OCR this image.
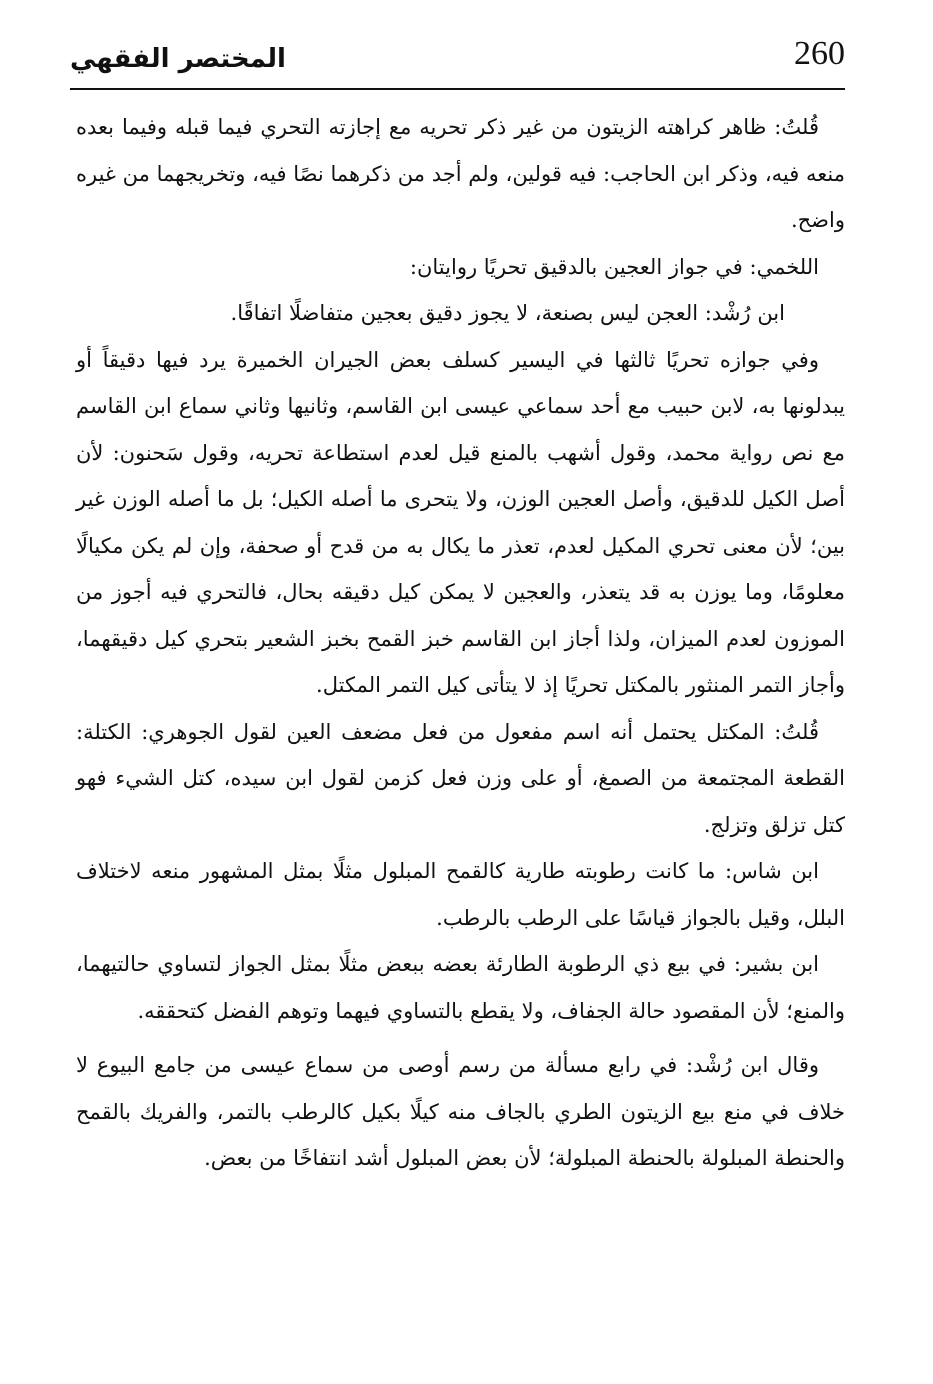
260
المختصر الفقهي

قُلتُ: ظاهر كراهته الزيتون من غير ذكر تحريه مع إجازته التحري فيما قبله وفيما بعده منعه فيه، وذكر ابن الحاجب: فيه قولين، ولم أجد من ذكرهما نصًا فيه، وتخريجهما من غيره واضح.

اللخمي: في جواز العجين بالدقيق تحريًا روايتان:

ابن رُشْد: العجن ليس بصنعة، لا يجوز دقيق بعجين متفاضلًا اتفاقًا.

وفي جوازه تحريًا ثالثها في اليسير كسلف بعض الجيران الخميرة يرد فيها دقيقاً أو يبدلونها به، لابن حبيب مع أحد سماعي عيسى ابن القاسم، وثانيها وثاني سماع ابن القاسم مع نص رواية محمد، وقول أشهب بالمنع قيل لعدم استطاعة تحريه، وقول سَحنون: لأن أصل الكيل للدقيق، وأصل العجين الوزن، ولا يتحرى ما أصله الكيل؛ بل ما أصله الوزن غير بين؛ لأن معنى تحري المكيل لعدم، تعذر ما يكال به من قدح أو صحفة، وإن لم يكن مكيالًا معلومًا، وما يوزن به قد يتعذر، والعجين لا يمكن كيل دقيقه بحال، فالتحري فيه أجوز من الموزون لعدم الميزان، ولذا أجاز ابن القاسم خبز القمح بخبز الشعير بتحري كيل دقيقهما، وأجاز التمر المنثور بالمكتل تحريًا إذ لا يتأتى كيل التمر المكتل.

قُلتُ: المكتل يحتمل أنه اسم مفعول من فعل مضعف العين لقول الجوهري: الكتلة: القطعة المجتمعة من الصمغ، أو على وزن فعل كزمن لقول ابن سيده، كتل الشيء فهو كتل تزلق وتزلج.

ابن شاس: ما كانت رطوبته طارية كالقمح المبلول مثلًا بمثل المشهور منعه لاختلاف البلل، وقيل بالجواز قياسًا على الرطب بالرطب.

ابن بشير: في بيع ذي الرطوبة الطارئة بعضه ببعض مثلًا بمثل الجواز لتساوي حالتيهما، والمنع؛ لأن المقصود حالة الجفاف، ولا يقطع بالتساوي فيهما وتوهم الفضل كتحققه.

وقال ابن رُشْد: في رابع مسألة من رسم أوصى من سماع عيسى من جامع البيوع لا خلاف في منع بيع الزيتون الطري بالجاف منه كيلًا بكيل كالرطب بالتمر، والفريك بالقمح والحنطة المبلولة بالحنطة المبلولة؛ لأن بعض المبلول أشد انتفاخًا من بعض.
